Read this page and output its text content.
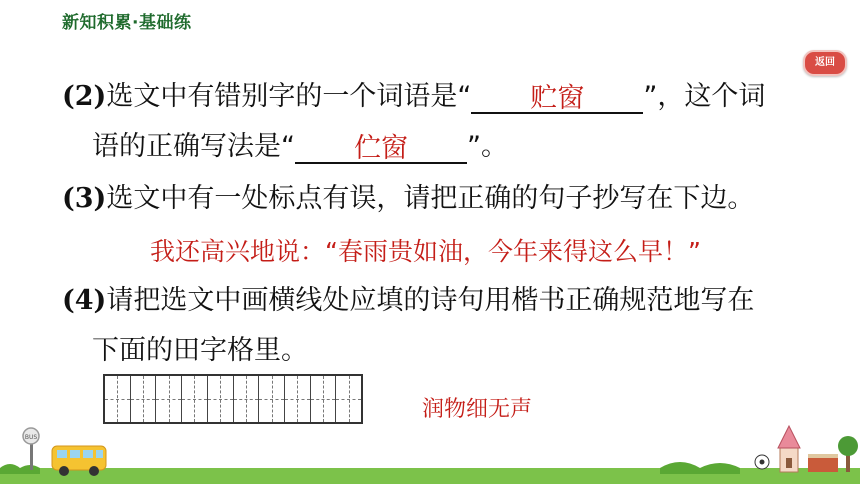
新知积累·基础练
返回
(2)选文中有错别字的一个词语是“ 贮窗 ”，这个词
语的正确写法是“ 伫窗 ”。
(3)选文中有一处标点有误，请把正确的句子抄写在下边。
我还高兴地说：“春雨贵如油，今年来得这么早！”
(4)请把选文中画横线处应填的诗句用楷书正确规范地写在
下面的田字格里。
润物细无声
BUS
